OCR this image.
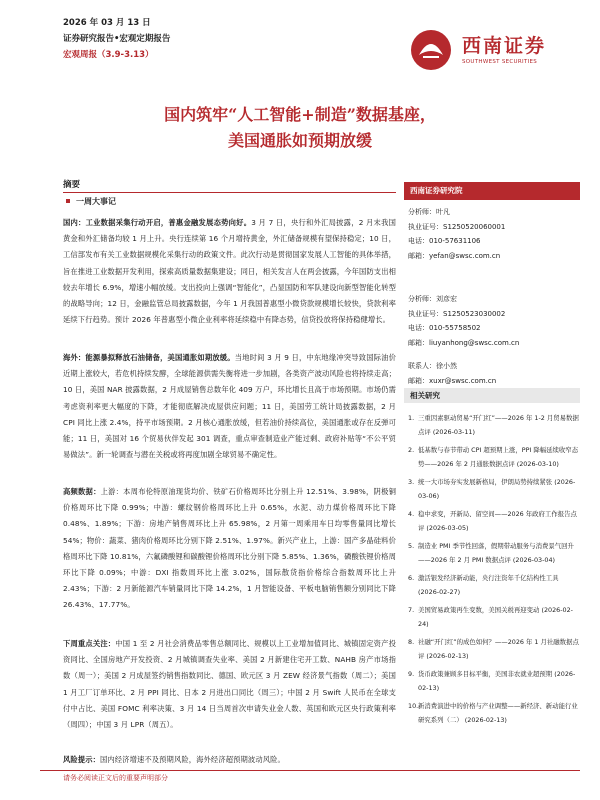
2026 年 03 月 13 日
证券研究报告•宏观定期报告
宏观周报（3.9-3.13）	西南证券
SOUTHWEST SECURITIES
国内筑牢“人工智能+制造”数据基座，
美国通胀如预期放缓
摘要
一周大事记
国内：工业数据采集行动开启，普惠金融发展态势向好。3 月 7 日，央行和外汇局披露，2 月末我国黄金和外汇储备均较 1 月上升。央行连续第 16 个月增持黄金，外汇储备规模有望保持稳定；10 日，工信部发布有关工业数据规模化采集行动的政策文件。此次行动是贯彻国家发展人工智能的具体举措，旨在推进工业数据开发利用，探索高质量数据集建设；同日，相关发言人在两会披露，今年国防支出相较去年增长 6.9%，增速小幅放缓。支出投向上强调“智能化”，凸显国防和军队建设向新型智能化转型的战略导向；12 日，金融监管总局披露数据，今年 1 月我国普惠型小微贷款规模增长较快，贷款利率延续下行趋势。预计 2026 年普惠型小微企业利率将延续稳中有降态势，信贷投放将保持稳健增长。
海外：能源暴拟释放石油储备，美国通胀如期放缓。当地时间 3 月 9 日，中东地缘冲突导致国际油价近期上涨较大，若危机持续发酵，全球能源供需失衡将进一步加剧，各类资产波动风险也将持续走高；10 日，美国 NAR 披露数据，2 月成屋销售总数年化 409 万户，环比增长且高于市场预期。市场仍需考虑资利率更大幅度的下降，才能彻底解决成屋供应问题；11 日，美国劳工统计局披露数据，2 月 CPI 同比上涨 2.4%，持平市场预期。2 月核心通胀放缓，但若油价持续高位，美国通胀或存在反弹可能；11 日，美国对 16 个贸易伙伴发起 301 调查，重点审查制造业产能过剩、政府补贴等“不公平贸易做法”。新一轮调查与潜在关税或将再度加剧全球贸易不确定性。
高频数据：上游：本周布伦特原油现货均价、铁矿石价格周环比分别上升 12.51%、3.98%，阴极铜价格周环比下降 0.99%；中游：螺纹钢价格周环比上升 0.65%，水泥、动力煤价格周环比下降 0.48%、1.89%；下游：房地产销售周环比上升 65.98%，2 月第一周乘用车日均零售量同比增长 54%；物价：蔬菜、猪肉价格周环比分别下降 2.51%、1.97%。新兴产业上，上游：国产多晶硅料价格周环比下降 10.81%，六氟磷酸锂和碳酸锂价格周环比分别下降 5.85%、1.36%，磷酸铁锂价格周环比下降 0.09%；中游：DXI 指数周环比上涨 3.02%，国际散货指价格综合指数周环比上升 2.43%；下游：2 月新能源汽车销量同比下降 14.2%，1 月智能设备、平板电脑销售额分别同比下降 26.43%、17.77%。
下周重点关注：中国 1 至 2 月社会消费品零售总额同比、规模以上工业增加值同比、城镇固定资产投资同比、全国房地产开发投资、2 月城镇调查失业率、美国 2 月新建住宅开工数、NAHB 房产市场指数（周一）；美国 2 月成屋签约销售指数同比、德国、欧元区 3 月 ZEW 经济景气指数（周二）；美国 1 月工厂订单环比、2 月 PPI 同比、日本 2 月进出口同比（周三）；中国 2 月 Swift 人民币在全球支付中占比、美国 FOMC 利率决策、3 月 14 日当周首次申请失业金人数、英国和欧元区央行政策利率（周四）；中国 3 月 LPR（周五）。
风险提示：国内经济增速不及预期风险，海外经济超预期波动风险。
西南证券研究院
分析师：叶凡
执业证号：S1250520060001
电话：010-57631106
邮箱：yefan@swsc.com.cn
分析师：刘彦宏
执业证号：S1250523030002
电话：010-55758502
邮箱：liuyanhong@swsc.com.cn
联系人：徐小然
邮箱：xuxr@swsc.com.cn
相关研究
1. 三重因素驱动贸易“开门红”——2026 年 1-2 月贸易数据点评 (2026-03-11)
2. 低基数与春节带动 CPI 超预期上涨，PPI 降幅延续收窄态势——2026 年 2 月通胀数据点评 (2026-03-10)
3. 统一大市场夯实发展新格局，伊朗局势持续紧张 (2026-03-06)
4. 稳中求变，开新局、留空间——2026 年政府工作报告点评 (2026-03-05)
5. 制造业 PMI 季节性回落，假期带动服务与消费景气回升——2026 年 2 月 PMI 数据点评 (2026-03-04)
6. 激活银发经济新动能，央行注资年千亿结构性工具 (2026-02-27)
7. 美国贸易政策再生变数，美国关税再迎变动 (2026-02-24)
8. 社融“开门红”的成色如何？——2026 年 1 月社融数据点评 (2026-02-13)
9. 货币政策兼顾多目标平衡，美国非农就业超预期 (2026-02-13)
10. 新消费演进中的价格与产业调整——新经济、新动能行业研究系列（二） (2026-02-13)
请务必阅读正文后的重要声明部分
